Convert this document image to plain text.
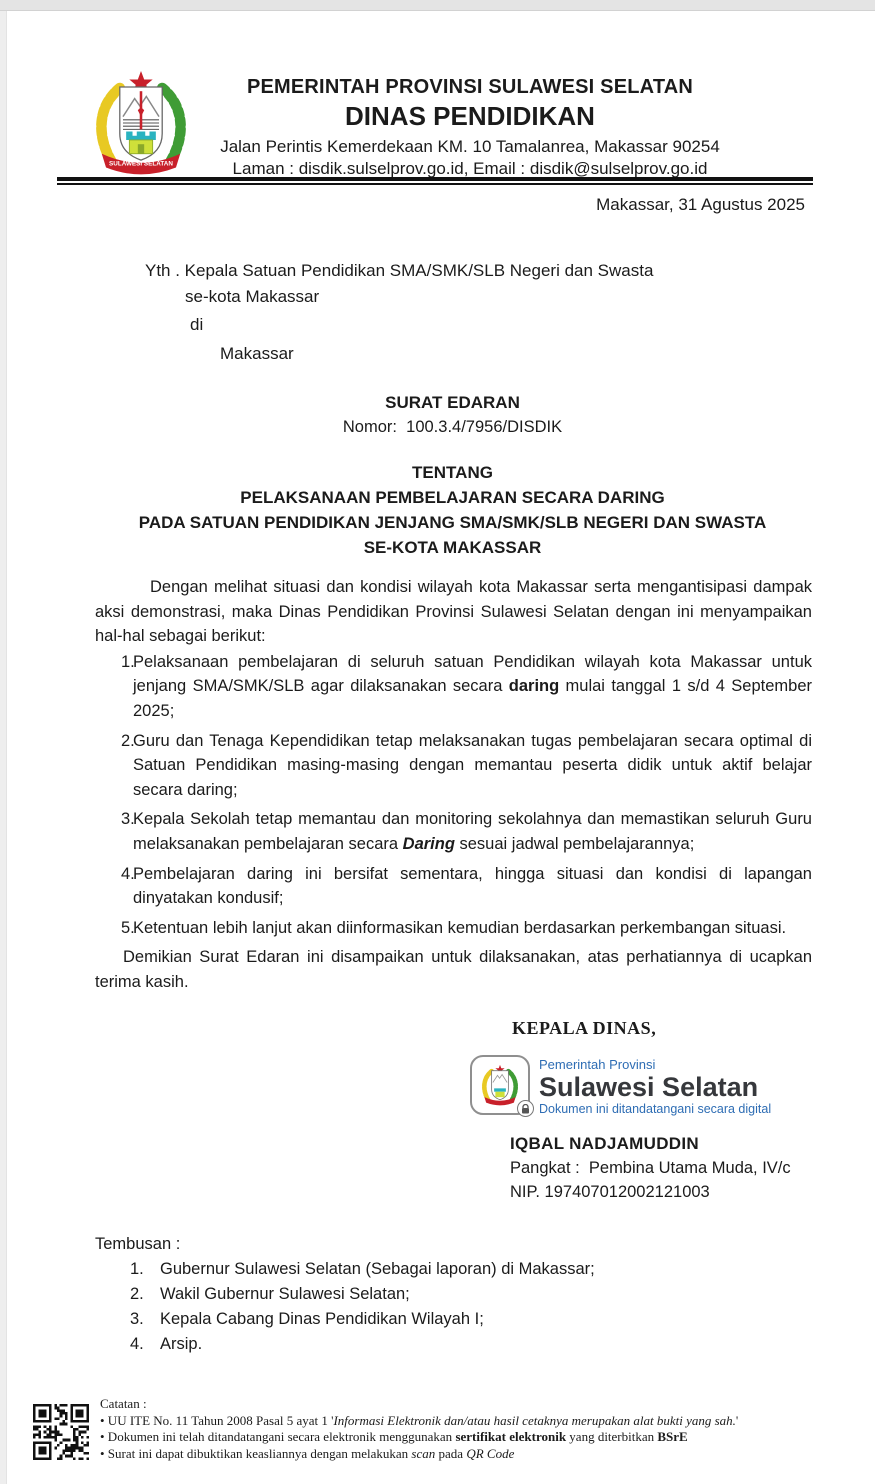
SULAWESI SELATAN
PEMERINTAH PROVINSI SULAWESI SELATAN
DINAS PENDIDIKAN
Jalan Perintis Kemerdekaan KM. 10 Tamalanrea, Makassar 90254
Laman : disdik.sulselprov.go.id, Email : disdik@sulselprov.go.id
Makassar, 31 Agustus 2025
Yth . Kepala Satuan Pendidikan SMA/SMK/SLB Negeri dan Swasta
se-kota Makassar
di
Makassar
SURAT EDARAN
Nomor:  100.3.4/7956/DISDIK
TENTANG
PELAKSANAAN PEMBELAJARAN SECARA DARING
PADA SATUAN PENDIDIKAN JENJANG SMA/SMK/SLB NEGERI DAN SWASTA
SE-KOTA MAKASSAR

Dengan melihat situasi dan kondisi wilayah kota Makassar serta mengantisipasi dampak aksi demonstrasi, maka Dinas Pendidikan Provinsi Sulawesi Selatan dengan ini menyampaikan hal-hal sebagai berikut:

1.
Pelaksanaan pembelajaran di seluruh satuan Pendidikan wilayah kota Makassar untuk jenjang SMA/SMK/SLB agar dilaksanakan secara daring mulai tanggal 1 s/d 4 September 2025;
2.
Guru dan Tenaga Kependidikan tetap melaksanakan tugas pembelajaran secara optimal di Satuan Pendidikan masing-masing dengan memantau peserta didik untuk aktif belajar secara daring;
3.
Kepala Sekolah tetap memantau dan monitoring sekolahnya dan memastikan seluruh Guru melaksanakan pembelajaran secara Daring sesuai jadwal pembelajarannya;
4.
Pembelajaran daring ini bersifat sementara, hingga situasi dan kondisi di lapangan dinyatakan kondusif;
5.
Ketentuan lebih lanjut akan diinformasikan kemudian berdasarkan perkembangan situasi.

Demikian Surat Edaran ini disampaikan untuk dilaksanakan, atas perhatiannya di ucapkan terima kasih.

KEPALA DINAS,
Pemerintah Provinsi
Sulawesi Selatan
Dokumen ini ditandatangani secara digital
IQBAL NADJAMUDDIN
Pangkat :  Pembina Utama Muda, IV/c
NIP. 197407012002121003
Tembusan :
1. Gubernur Sulawesi Selatan (Sebagai laporan) di Makassar;
2. Wakil Gubernur Sulawesi Selatan;
3. Kepala Cabang Dinas Pendidikan Wilayah I;
4. Arsip.
Catatan :
• UU ITE No. 11 Tahun 2008 Pasal 5 ayat 1 'Informasi Elektronik dan/atau hasil cetaknya merupakan alat bukti yang sah.'
• Dokumen ini telah ditandatangani secara elektronik menggunakan sertifikat elektronik yang diterbitkan BSrE
• Surat ini dapat dibuktikan keasliannya dengan melakukan scan pada QR Code
